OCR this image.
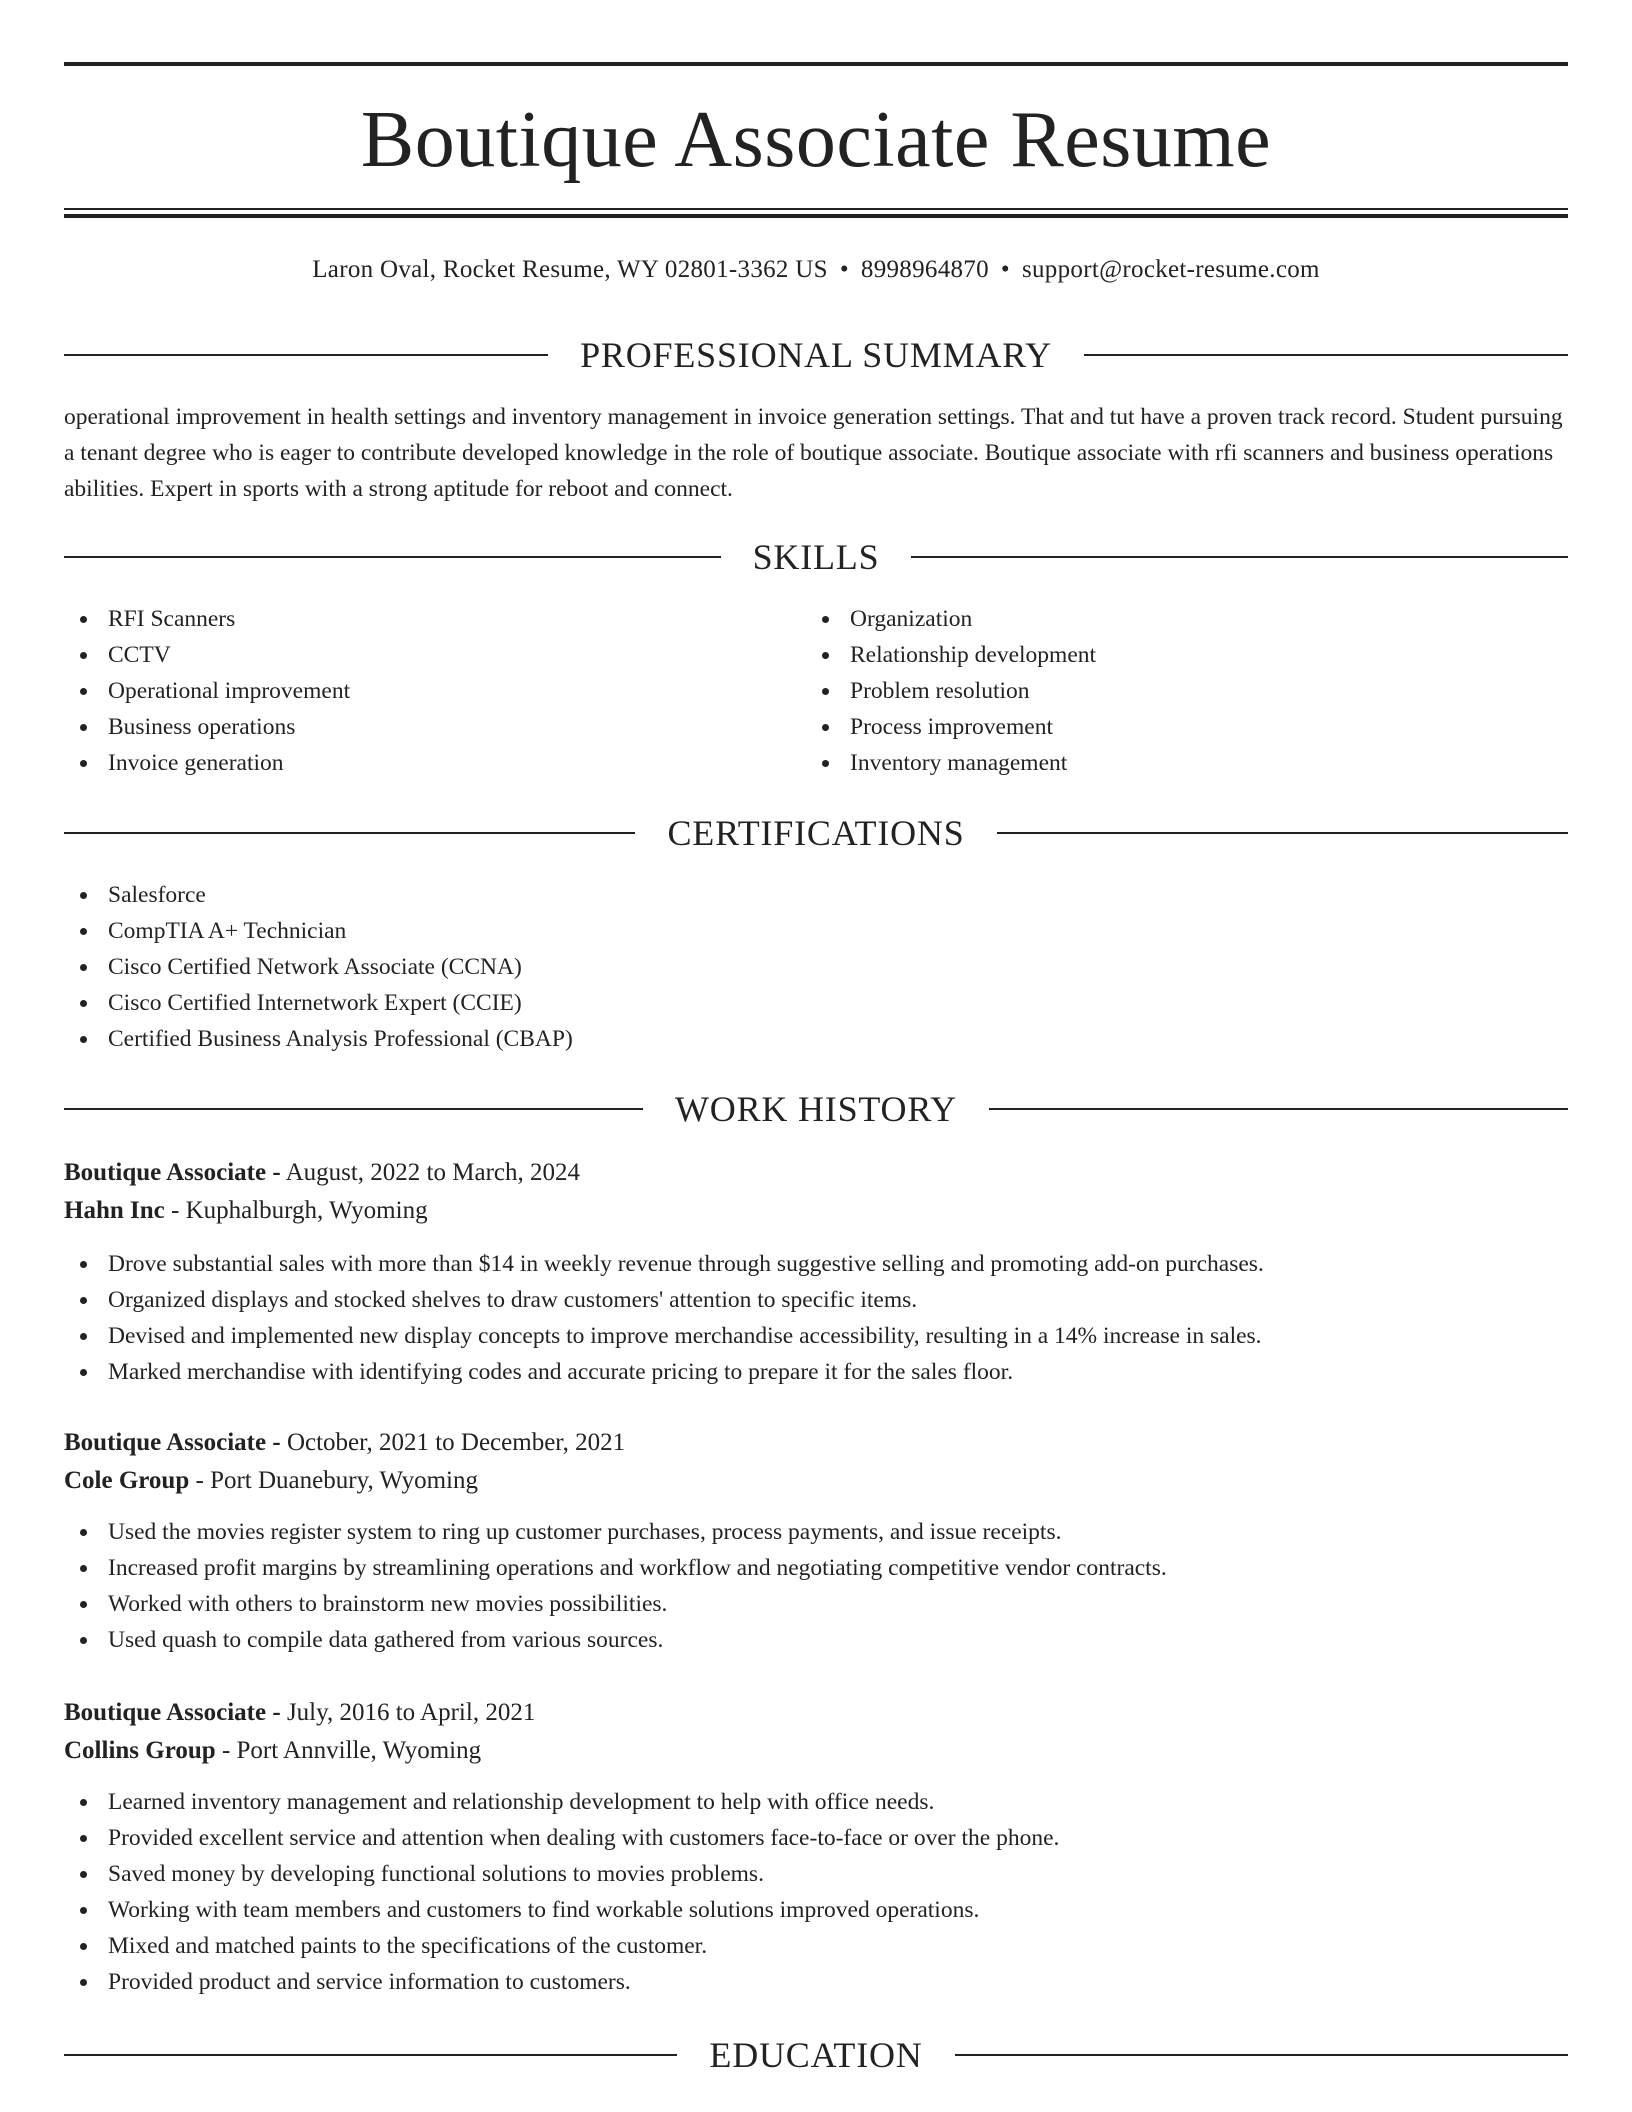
Boutique Associate Resume
Laron Oval, Rocket Resume, WY 02801-3362 US • 8998964870 • support@rocket-resume.com
PROFESSIONAL SUMMARY

operational improvement in health settings and inventory management in invoice generation settings. That and tut have a proven track record. Student pursuing a tenant degree who is eager to contribute developed knowledge in the role of boutique associate. Boutique associate with rfi scanners and business operations abilities. Expert in sports with a strong aptitude for reboot and connect.

SKILLS
RFI Scanners
CCTV
Operational improvement
Business operations
Invoice generation
Organization
Relationship development
Problem resolution
Process improvement
Inventory management
CERTIFICATIONS
Salesforce
CompTIA A+ Technician
Cisco Certified Network Associate (CCNA)
Cisco Certified Internetwork Expert (CCIE)
Certified Business Analysis Professional (CBAP)
WORK HISTORY
Boutique Associate - August, 2022 to March, 2024
Hahn Inc - Kuphalburgh, Wyoming
Drove substantial sales with more than $14 in weekly revenue through suggestive selling and promoting add-on purchases.
Organized displays and stocked shelves to draw customers' attention to specific items.
Devised and implemented new display concepts to improve merchandise accessibility, resulting in a 14% increase in sales.
Marked merchandise with identifying codes and accurate pricing to prepare it for the sales floor.
Boutique Associate - October, 2021 to December, 2021
Cole Group - Port Duanebury, Wyoming
Used the movies register system to ring up customer purchases, process payments, and issue receipts.
Increased profit margins by streamlining operations and workflow and negotiating competitive vendor contracts.
Worked with others to brainstorm new movies possibilities.
Used quash to compile data gathered from various sources.
Boutique Associate - July, 2016 to April, 2021
Collins Group - Port Annville, Wyoming
Learned inventory management and relationship development to help with office needs.
Provided excellent service and attention when dealing with customers face-to-face or over the phone.
Saved money by developing functional solutions to movies problems.
Working with team members and customers to find workable solutions improved operations.
Mixed and matched paints to the specifications of the customer.
Provided product and service information to customers.
EDUCATION
